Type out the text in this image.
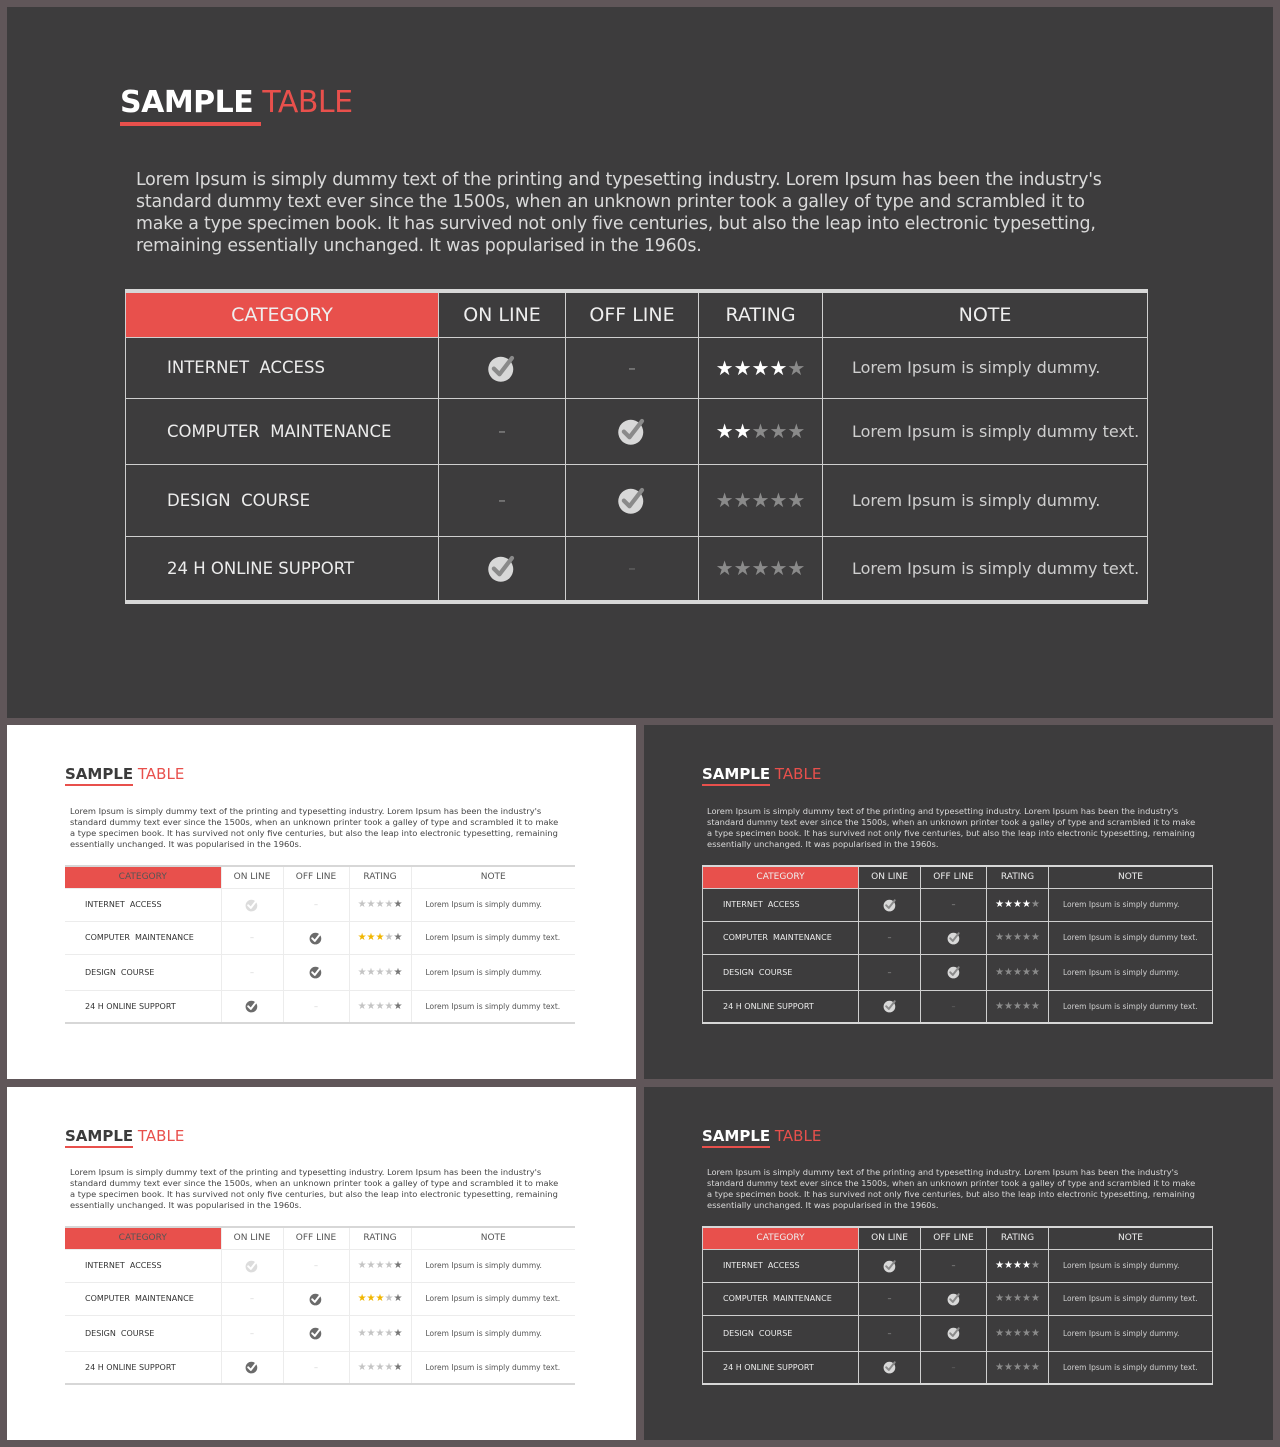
SAMPLE TABLE
Lorem Ipsum is simply dummy text of the printing and typesetting industry. Lorem Ipsum has been the industry's standard dummy text ever since the 1500s, when an unknown printer took a galley of type and scrambled it to make a type specimen book. It has survived not only five centuries, but also the leap into electronic typesetting, remaining essentially unchanged. It was popularised in the 1960s.
CATEGORY	ON LINE	OFF LINE	RATING	NOTE
INTERNET  ACCESS		–	★★★★★	Lorem Ipsum is simply dummy.
COMPUTER  MAINTENANCE	–		★★★★★	Lorem Ipsum is simply dummy text.
DESIGN  COURSE	–		★★★★★	Lorem Ipsum is simply dummy.
24 H ONLINE SUPPORT		–	★★★★★	Lorem Ipsum is simply dummy text.
SAMPLE TABLE
Lorem Ipsum is simply dummy text of the printing and typesetting industry. Lorem Ipsum has been the industry's standard dummy text ever since the 1500s, when an unknown printer took a galley of type and scrambled it to make a type specimen book. It has survived not only five centuries, but also the leap into electronic typesetting, remaining essentially unchanged. It was popularised in the 1960s.
CATEGORY	ON LINE	OFF LINE	RATING	NOTE
INTERNET  ACCESS		–	★★★★★	Lorem Ipsum is simply dummy.
COMPUTER  MAINTENANCE	–		★★★★★	Lorem Ipsum is simply dummy text.
DESIGN  COURSE	–		★★★★★	Lorem Ipsum is simply dummy.
24 H ONLINE SUPPORT		–	★★★★★	Lorem Ipsum is simply dummy text.
SAMPLE TABLE
Lorem Ipsum is simply dummy text of the printing and typesetting industry. Lorem Ipsum has been the industry's standard dummy text ever since the 1500s, when an unknown printer took a galley of type and scrambled it to make a type specimen book. It has survived not only five centuries, but also the leap into electronic typesetting, remaining essentially unchanged. It was popularised in the 1960s.
CATEGORY	ON LINE	OFF LINE	RATING	NOTE
INTERNET  ACCESS		–	★★★★★	Lorem Ipsum is simply dummy.
COMPUTER  MAINTENANCE	–		★★★★★	Lorem Ipsum is simply dummy text.
DESIGN  COURSE	–		★★★★★	Lorem Ipsum is simply dummy.
24 H ONLINE SUPPORT		–	★★★★★	Lorem Ipsum is simply dummy text.
SAMPLE TABLE
Lorem Ipsum is simply dummy text of the printing and typesetting industry. Lorem Ipsum has been the industry's standard dummy text ever since the 1500s, when an unknown printer took a galley of type and scrambled it to make a type specimen book. It has survived not only five centuries, but also the leap into electronic typesetting, remaining essentially unchanged. It was popularised in the 1960s.
CATEGORY	ON LINE	OFF LINE	RATING	NOTE
INTERNET  ACCESS		–	★★★★★	Lorem Ipsum is simply dummy.
COMPUTER  MAINTENANCE	–		★★★★★	Lorem Ipsum is simply dummy text.
DESIGN  COURSE	–		★★★★★	Lorem Ipsum is simply dummy.
24 H ONLINE SUPPORT		–	★★★★★	Lorem Ipsum is simply dummy text.
SAMPLE TABLE
Lorem Ipsum is simply dummy text of the printing and typesetting industry. Lorem Ipsum has been the industry's standard dummy text ever since the 1500s, when an unknown printer took a galley of type and scrambled it to make a type specimen book. It has survived not only five centuries, but also the leap into electronic typesetting, remaining essentially unchanged. It was popularised in the 1960s.
CATEGORY	ON LINE	OFF LINE	RATING	NOTE
INTERNET  ACCESS		–	★★★★★	Lorem Ipsum is simply dummy.
COMPUTER  MAINTENANCE	–		★★★★★	Lorem Ipsum is simply dummy text.
DESIGN  COURSE	–		★★★★★	Lorem Ipsum is simply dummy.
24 H ONLINE SUPPORT		–	★★★★★	Lorem Ipsum is simply dummy text.
